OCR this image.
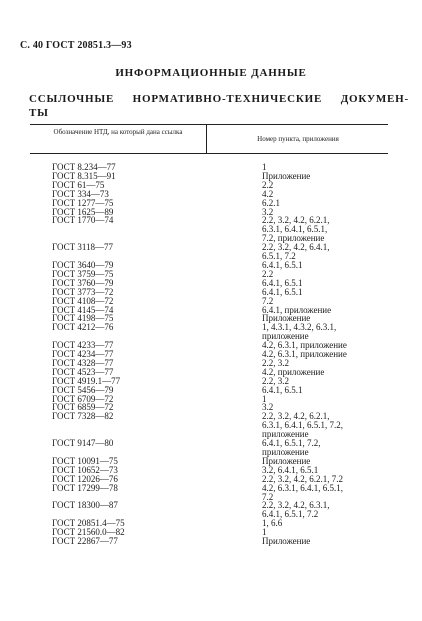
С. 40 ГОСТ 20851.3—93
ИНФОРМАЦИОННЫЕ ДАННЫЕ
ССЫЛОЧНЫЕ НОРМАТИВНО-ТЕХНИЧЕСКИЕ ДОКУМЕН-
ТЫ
Обозначение НТД, на который дана ссылка
Номер пункта, приложения
ГОСТ 8.234—77	1
ГОСТ 8.315—91	Приложение
ГОСТ 61—75	2.2
ГОСТ 334—73	4.2
ГОСТ 1277—75	6.2.1
ГОСТ 1625—89	3.2
ГОСТ 1770—74	2.2, 3.2, 4.2, 6.2.1,
6.3.1, 6.4.1, 6.5.1,
7.2, приложение
ГОСТ 3118—77	2.2, 3.2, 4.2, 6.4.1,
6.5.1, 7.2
ГОСТ 3640—79	6.4.1, 6.5.1
ГОСТ 3759—75	2.2
ГОСТ 3760—79	6.4.1, 6.5.1
ГОСТ 3773—72	6.4.1, 6.5.1
ГОСТ 4108—72	7.2
ГОСТ 4145—74	6.4.1, приложение
ГОСТ 4198—75	Приложение
ГОСТ 4212—76	1, 4.3.1, 4.3.2, 6.3.1,
приложение
ГОСТ 4233—77	4.2, 6.3.1, приложение
ГОСТ 4234—77	4.2, 6.3.1, приложение
ГОСТ 4328—77	2.2, 3.2
ГОСТ 4523—77	4.2, приложение
ГОСТ 4919.1—77	2.2, 3.2
ГОСТ 5456—79	6.4.1, 6.5.1
ГОСТ 6709—72	1
ГОСТ 6859—72	3.2
ГОСТ 7328—82	2.2, 3.2, 4.2, 6.2.1,
6.3.1, 6.4.1, 6.5.1, 7.2,
приложение
ГОСТ 9147—80	6.4.1, 6.5.1, 7.2,
приложение
ГОСТ 10091—75	Приложение
ГОСТ 10652—73	3.2, 6.4.1, 6.5.1
ГОСТ 12026—76	2.2, 3.2, 4.2, 6.2.1, 7.2
ГОСТ 17299—78	4.2, 6.3.1, 6.4.1, 6.5.1,
7.2
ГОСТ 18300—87	2.2, 3.2, 4.2, 6.3.1,
6.4.1, 6.5.1, 7.2
ГОСТ 20851.4—75	1, 6.6
ГОСТ 21560.0—82	1
ГОСТ 22867—77	Приложение
